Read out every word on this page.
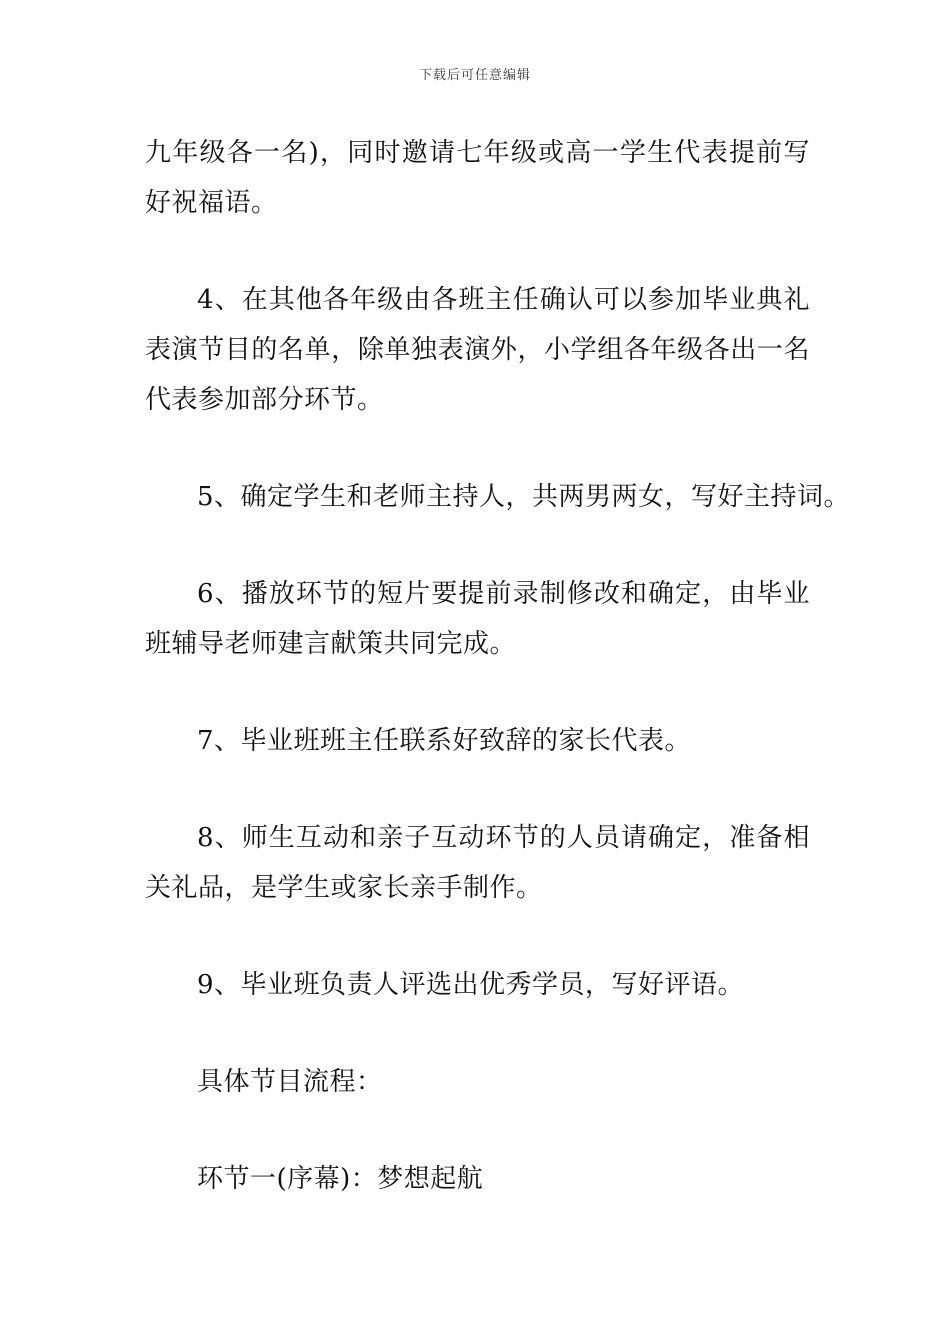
下载后可任意编辑

九年级各一名)，同时邀请七年级或高一学生代表提前写好祝福语。

4、在其他各年级由各班主任确认可以参加毕业典礼表演节目的名单，除单独表演外，小学组各年级各出一名代表参加部分环节。

5、确定学生和老师主持人，共两男两女，写好主持词。

6、播放环节的短片要提前录制修改和确定，由毕业班辅导老师建言献策共同完成。

7、毕业班班主任联系好致辞的家长代表。

8、师生互动和亲子互动环节的人员请确定，准备相关礼品，是学生或家长亲手制作。

9、毕业班负责人评选出优秀学员，写好评语。

具体节目流程：

环节一(序幕)：梦想起航
